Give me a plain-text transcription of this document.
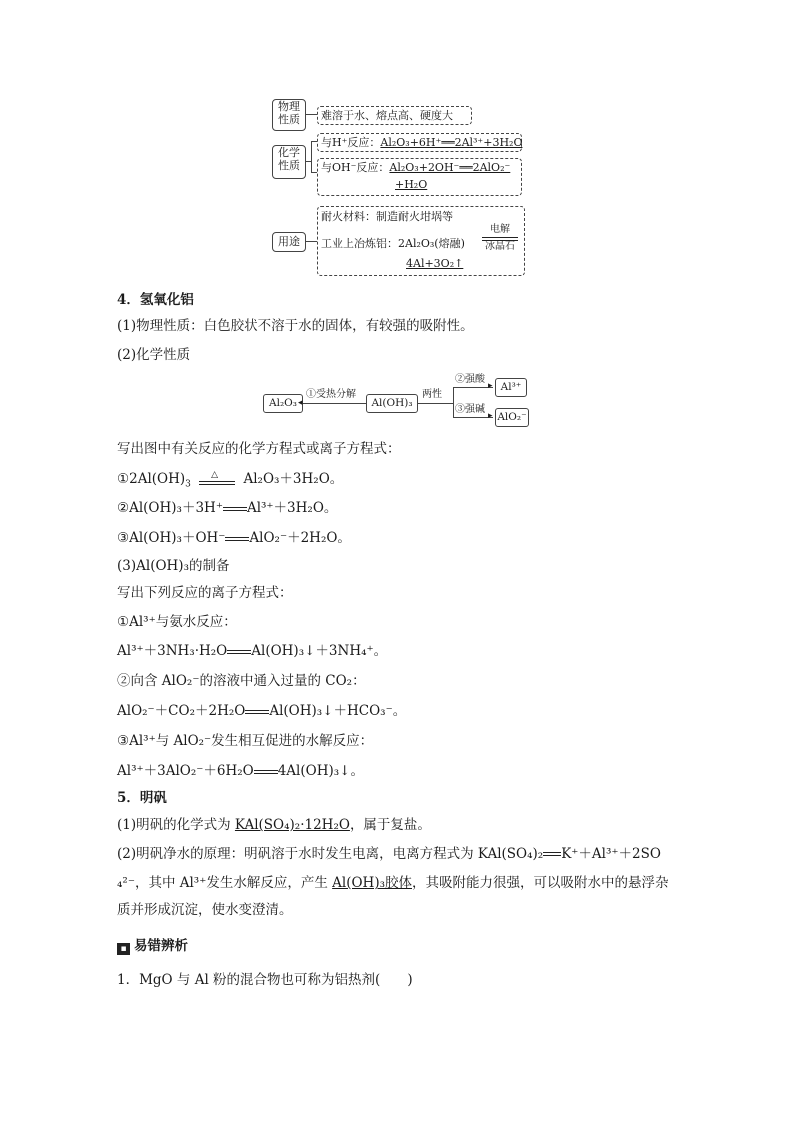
物理
性质	难溶于水、熔点高、硬度大
化学
性质
与H⁺反应：Al₂O₃+6H⁺══2Al³⁺+3H₂O
与OH⁻反应：Al₂O₃+2OH⁻══2AlO₂⁻
+H₂O
用途
耐火材料：制造耐火坩埚等
工业上冶炼铝：2Al₂O₃(熔融)
电解
冰晶石
4Al+3O₂↑
4．氢氧化铝
(1)物理性质：白色胶状不溶于水的固体，有较强的吸附性。
(2)化学性质
Al₂O₃ ◂
①受热分解
Al(OH)₃
两性
▸
▸
②强酸
③强碱
Al³⁺
AlO₂⁻
写出图中有关反应的化学方程式或离子方程式：
$①2Al(OH)_3$
△ Al₂O₃＋3H₂O。
②Al(OH)₃＋3H⁺ Al³⁺＋3H₂O。
③Al(OH)₃＋OH⁻ AlO₂⁻＋2H₂O。
(3)Al(OH)₃的制备
写出下列反应的离子方程式：
①Al³⁺与氨水反应：
Al³⁺＋3NH₃·H₂O Al(OH)₃↓＋3NH₄⁺。
②向含 AlO₂⁻的溶液中通入过量的 CO₂：
AlO₂⁻＋CO₂＋2H₂O Al(OH)₃↓＋HCO₃⁻。
③Al³⁺与 AlO₂⁻发生相互促进的水解反应：
Al³⁺＋3AlO₂⁻＋6H₂O 4Al(OH)₃↓。
5．明矾
(1)明矾的化学式为 KAl(SO₄)₂·12H₂O，属于复盐。
(2)明矾净水的原理：明矾溶于水时发生电离，电离方程式为 KAl(SO₄)₂ K⁺＋Al³⁺＋2SO
₄²⁻，其中 Al³⁺发生水解反应，产生 Al(OH)₃胶体，其吸附能力很强，可以吸附水中的悬浮杂
质并形成沉淀，使水变澄清。
▪ 易错辨析
1．MgO 与 Al 粉的混合物也可称为铝热剂(　　)
